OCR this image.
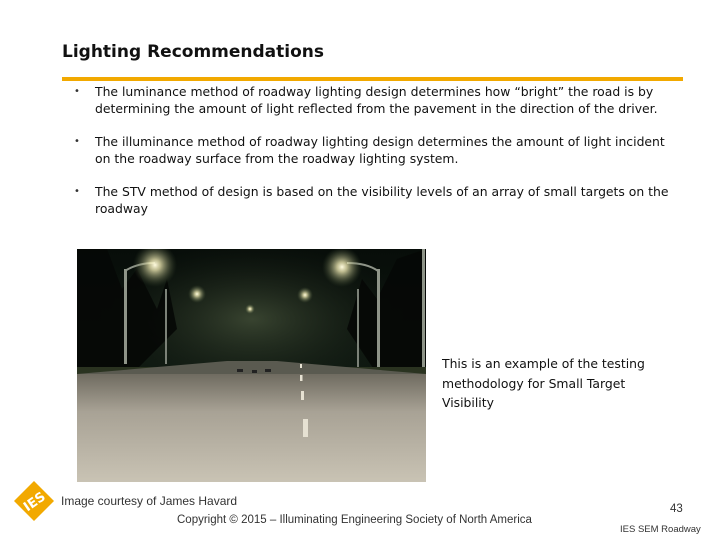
Lighting Recommendations
• The luminance method of roadway lighting design determines how “bright” the road is by determining the amount of light reflected from the pavement in the direction of the driver.
• The illuminance method of roadway lighting design determines the amount of light incident on the roadway surface from the roadway lighting system.
• The STV method of design is based on the visibility levels of an array of small targets on the roadway
This is an example of the testing methodology for Small Target Visibility
IES Image courtesy of James Havard
Copyright © 2015 – Illuminating Engineering Society of North America
43
IES SEM Roadway
